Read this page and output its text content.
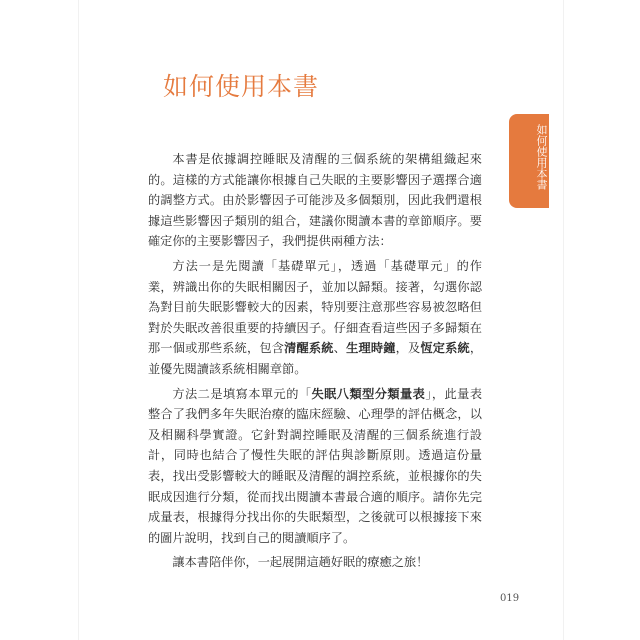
如何使用本書
如何使用本書

本書是依據調控睡眠及清醒的三個系統的架構組織起來的。這樣的方式能讓你根據自己失眠的主要影響因子選擇合適的調整方式。由於影響因子可能涉及多個類別，因此我們還根據這些影響因子類別的組合，建議你閱讀本書的章節順序。要確定你的主要影響因子，我們提供兩種方法：

方法一是先閱讀「基礎單元」，透過「基礎單元」的作業，辨識出你的失眠相關因子，並加以歸類。接著，勾選你認為對目前失眠影響較大的因素，特別要注意那些容易被忽略但對於失眠改善很重要的持續因子。仔細查看這些因子多歸類在那一個或那些系統，包含清醒系統、生理時鐘，及恆定系統，並優先閱讀該系統相關章節。

方法二是填寫本單元的「失眠八類型分類量表」，此量表整合了我們多年失眠治療的臨床經驗、心理學的評估概念，以及相關科學實證。它針對調控睡眠及清醒的三個系統進行設計，同時也結合了慢性失眠的評估與診斷原則。透過這份量表，找出受影響較大的睡眠及清醒的調控系統，並根據你的失眠成因進行分類，從而找出閱讀本書最合適的順序。請你先完成量表，根據得分找出你的失眠類型，之後就可以根據接下來的圖片說明，找到自己的閱讀順序了。

讓本書陪伴你，一起展開這趟好眠的療癒之旅！

019
